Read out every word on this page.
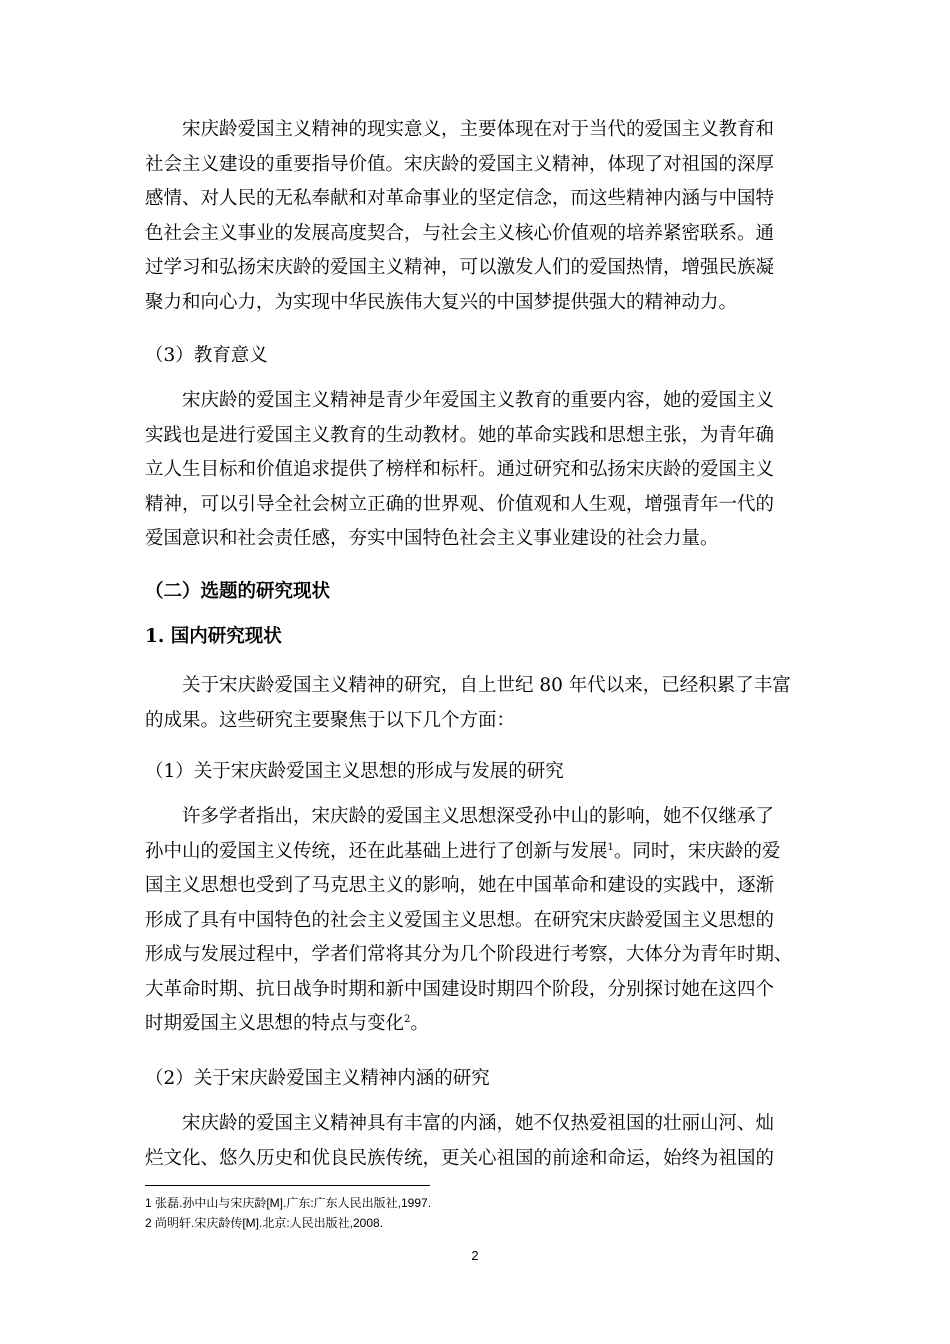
宋庆龄爱国主义精神的现实意义，主要体现在对于当代的爱国主义教育和
社会主义建设的重要指导价值。宋庆龄的爱国主义精神，体现了对祖国的深厚
感情、对人民的无私奉献和对革命事业的坚定信念，而这些精神内涵与中国特
色社会主义事业的发展高度契合，与社会主义核心价值观的培养紧密联系。通
过学习和弘扬宋庆龄的爱国主义精神，可以激发人们的爱国热情，增强民族凝
聚力和向心力，为实现中华民族伟大复兴的中国梦提供强大的精神动力。
（3）教育意义
宋庆龄的爱国主义精神是青少年爱国主义教育的重要内容，她的爱国主义
实践也是进行爱国主义教育的生动教材。她的革命实践和思想主张，为青年确
立人生目标和价值追求提供了榜样和标杆。通过研究和弘扬宋庆龄的爱国主义
精神，可以引导全社会树立正确的世界观、价值观和人生观，增强青年一代的
爱国意识和社会责任感，夯实中国特色社会主义事业建设的社会力量。
（二）选题的研究现状
1. 国内研究现状
关于宋庆龄爱国主义精神的研究，自上世纪 80 年代以来，已经积累了丰富
的成果。这些研究主要聚焦于以下几个方面：
（1）关于宋庆龄爱国主义思想的形成与发展的研究
许多学者指出，宋庆龄的爱国主义思想深受孙中山的影响，她不仅继承了
孙中山的爱国主义传统，还在此基础上进行了创新与发展$^1$。同时，宋庆龄的爱
国主义思想也受到了马克思主义的影响，她在中国革命和建设的实践中，逐渐
形成了具有中国特色的社会主义爱国主义思想。在研究宋庆龄爱国主义思想的
形成与发展过程中，学者们常将其分为几个阶段进行考察，大体分为青年时期、
大革命时期、抗日战争时期和新中国建设时期四个阶段，分别探讨她在这四个
时期爱国主义思想的特点与变化$^2$。
（2）关于宋庆龄爱国主义精神内涵的研究
宋庆龄的爱国主义精神具有丰富的内涵，她不仅热爱祖国的壮丽山河、灿
烂文化、悠久历史和优良民族传统，更关心祖国的前途和命运，始终为祖国的
1 张磊.孙中山与宋庆龄[M].广东:广东人民出版社,1997.
2 尚明轩.宋庆龄传[M].北京:人民出版社,2008.
2
